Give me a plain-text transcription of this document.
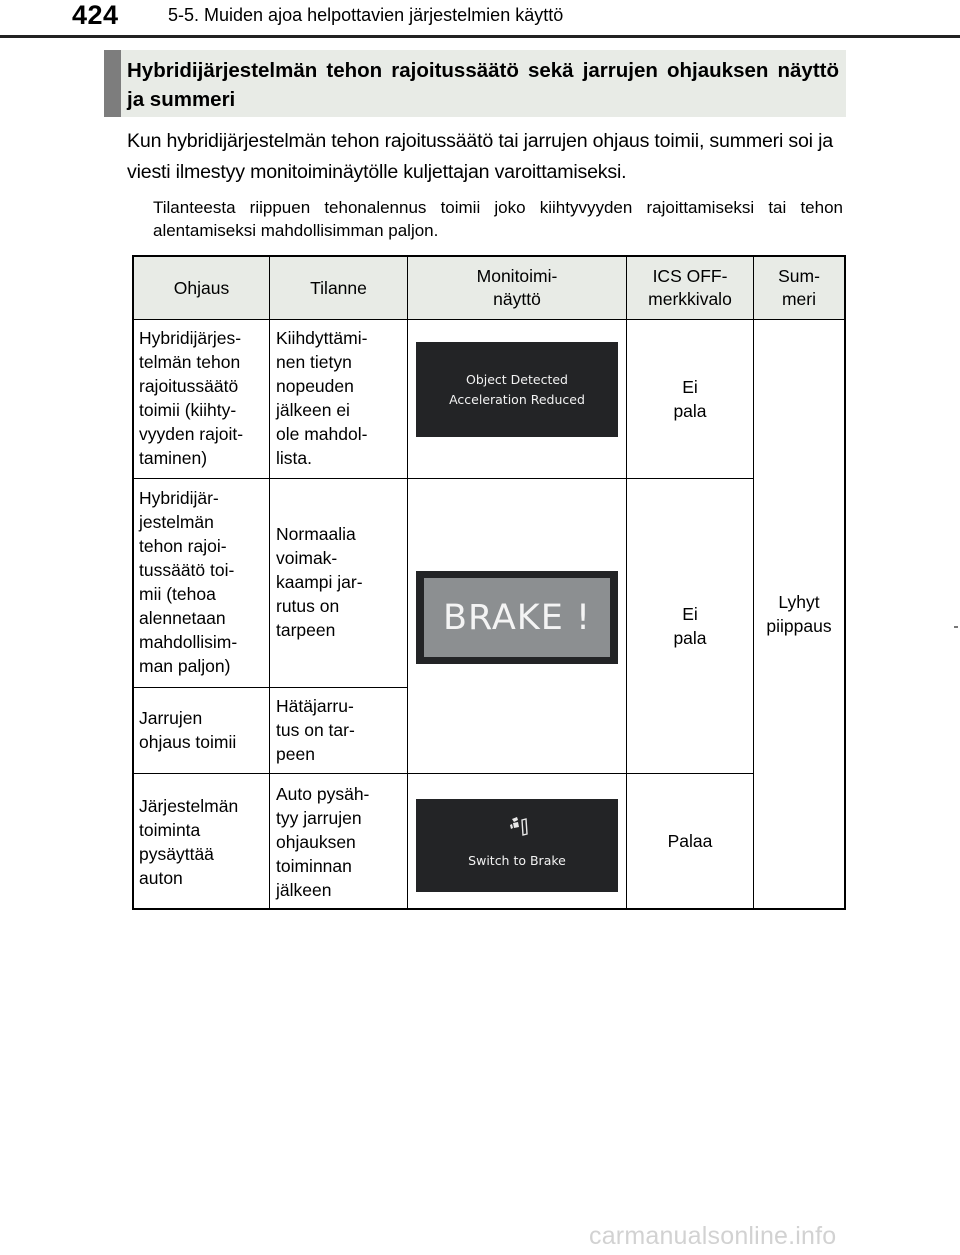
424	5-5. Muiden ajoa helpottavien järjestelmien käyttö
Hybridijärjestelmän tehon rajoitussäätö sekä jarrujen ohjauksen näyttö ja summeri
Kun hybridijärjestelmän tehon rajoitussäätö tai jarrujen ohjaus toimii, summeri soi ja viesti ilmestyy monitoiminäytölle kuljettajan varoittamiseksi.
Tilanteesta riippuen tehonalennus toimii joko kiihtyvyyden rajoittamiseksi tai tehon alentamiseksi mahdollisimman paljon.
Ohjaus	Tilanne
Monitoimi-
näyttö
ICS OFF-
merkkivalo
Sum-
meri
Hybridijärjes-
telmän tehon
rajoitussäätö
toimii (kiihty-
vyyden rajoit-
taminen)
Kiihdyttämi-
nen tietyn
nopeuden
jälkeen ei
ole mahdol-
lista.
Ei
pala
Hybridijär-
jestelmän
tehon rajoi-
tussäätö toi-
mii (tehoa
alennetaan
mahdollisim-
man paljon)
Normaalia
voimak-
kaampi jar-
rutus on
tarpeen
Ei
pala
Jarrujen
ohjaus toimii
Hätäjarru-
tus on tar-
peen
Järjestelmän
toiminta
pysäyttää
auton
Auto pysäh-
tyy jarrujen
ohjauksen
toiminnan
jälkeen
Palaa
Lyhyt
piippaus
Object Detected
Acceleration Reduced
BRAKE !
Switch to Brake
carmanualsonline.info
